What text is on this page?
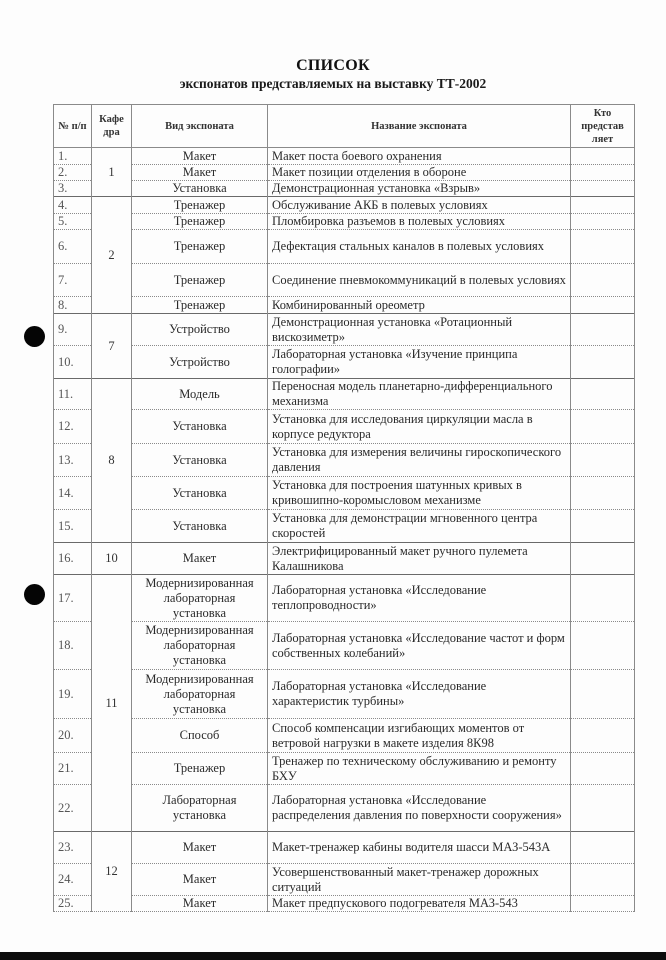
СПИСОК
экспонатов представляемых на выставку ТТ-2002
№ п/п	Кафе дра	Вид экспоната	Название экспоната	Кто представ ляет
1.	1	Макет	Макет поста боевого охранения	
2.		Макет	Макет позиции отделения в обороне	
3.		Установка	Демонстрационная установка «Взрыв»	
4.	2	Тренажер	Обслуживание АКБ в полевых условиях	
5.		Тренажер	Пломбировка разъемов в полевых условиях	
6.		Тренажер	Дефектация стальных каналов в полевых условиях	
7.		Тренажер	Соединение пневмокоммуникаций в полевых условиях	
8.		Тренажер	Комбинированный ореометр	
9.	7	Устройство	Демонстрационная установка «Ротационный вискозиметр»	
10.		Устройство	Лабораторная установка «Изучение принципа голографии»	
11.	8	Модель	Переносная модель планетарно-дифференциального механизма	
12.		Установка	Установка для исследования циркуляции масла в корпусе редуктора	
13.		Установка	Установка для измерения величины гироскопического давления	
14.		Установка	Установка для построения шатунных кривых в кривошипно-коромысловом механизме	
15.		Установка	Установка для демонстрации мгновенного центра скоростей	
16.	10	Макет	Электрифицированный макет ручного пулемета Калашникова	
17.	11	Модернизированная лабораторная установка	Лабораторная установка «Исследование теплопроводности»	
18.		Модернизированная лабораторная установка	Лабораторная установка «Исследование частот и форм собственных колебаний»	
19.		Модернизированная лабораторная установка	Лабораторная установка «Исследование характеристик турбины»	
20.		Способ	Способ компенсации изгибающих моментов от ветровой нагрузки в макете изделия 8К98	
21.		Тренажер	Тренажер по техническому обслуживанию и ремонту БХУ	
22.		Лабораторная установка	Лабораторная установка «Исследование распределения давления по поверхности сооружения»	
23.	12	Макет	Макет-тренажер кабины водителя шасси МАЗ-543А	
24.		Макет	Усовершенствованный макет-тренажер дорожных ситуаций	
25.		Макет	Макет предпускового подогревателя МАЗ-543	
